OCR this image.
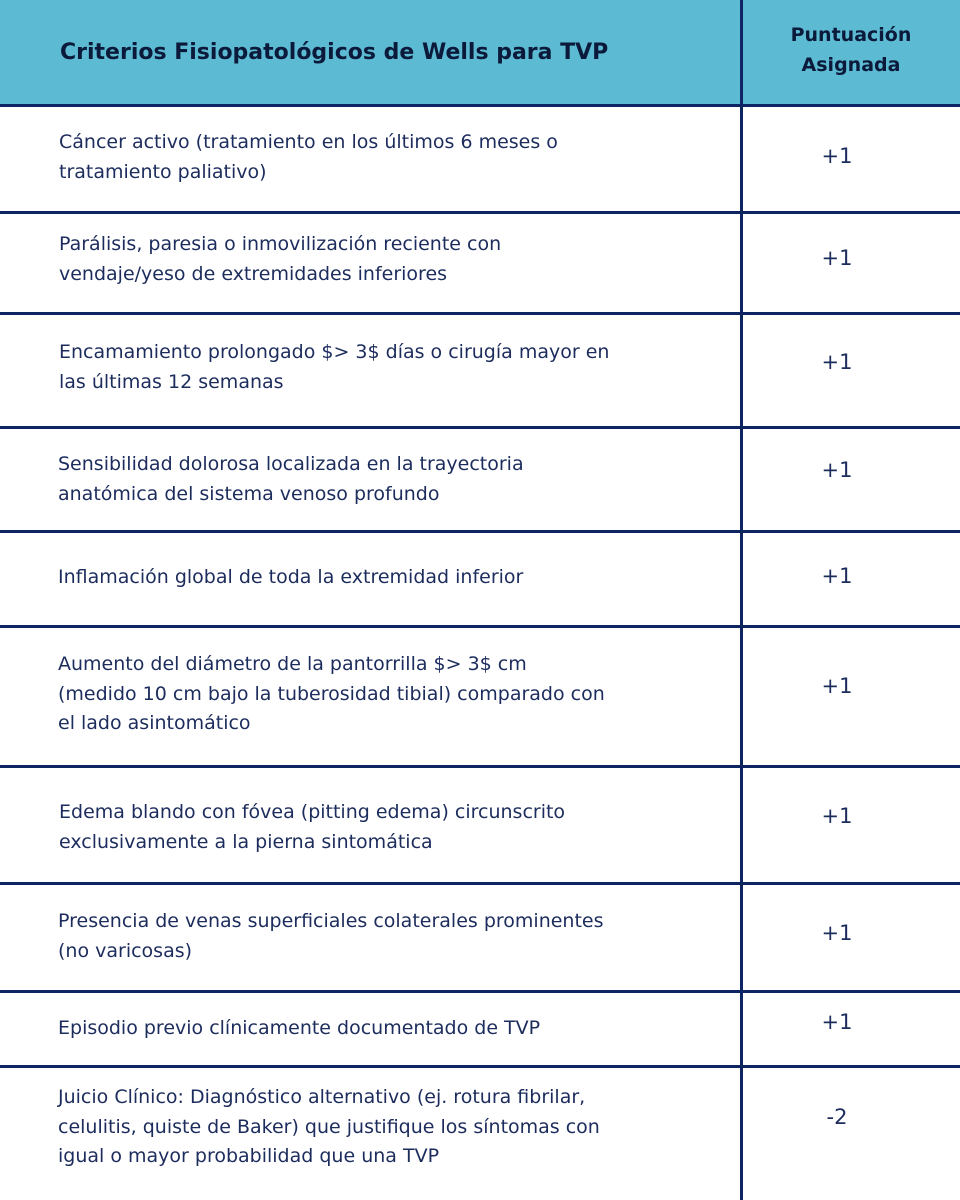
Criterios Fisiopatológicos de Wells para TVP
Puntuación
Asignada
Cáncer activo (tratamiento en los últimos 6 meses o
tratamiento paliativo)
+1
Parálisis, paresia o inmovilización reciente con
vendaje/yeso de extremidades inferiores
+1
Encamamiento prolongado $> 3$ días o cirugía mayor en
las últimas 12 semanas
+1
Sensibilidad dolorosa localizada en la trayectoria
anatómica del sistema venoso profundo
+1
Inflamación global de toda la extremidad inferior	+1
Aumento del diámetro de la pantorrilla $> 3$ cm
(medido 10 cm bajo la tuberosidad tibial) comparado con
el lado asintomático
+1
Edema blando con fóvea (pitting edema) circunscrito
exclusivamente a la pierna sintomática
+1
Presencia de venas superficiales colaterales prominentes
(no varicosas)
+1
Episodio previo clínicamente documentado de TVP	+1
Juicio Clínico: Diagnóstico alternativo (ej. rotura fibrilar,
celulitis, quiste de Baker) que justifique los síntomas con
igual o mayor probabilidad que una TVP
-2
